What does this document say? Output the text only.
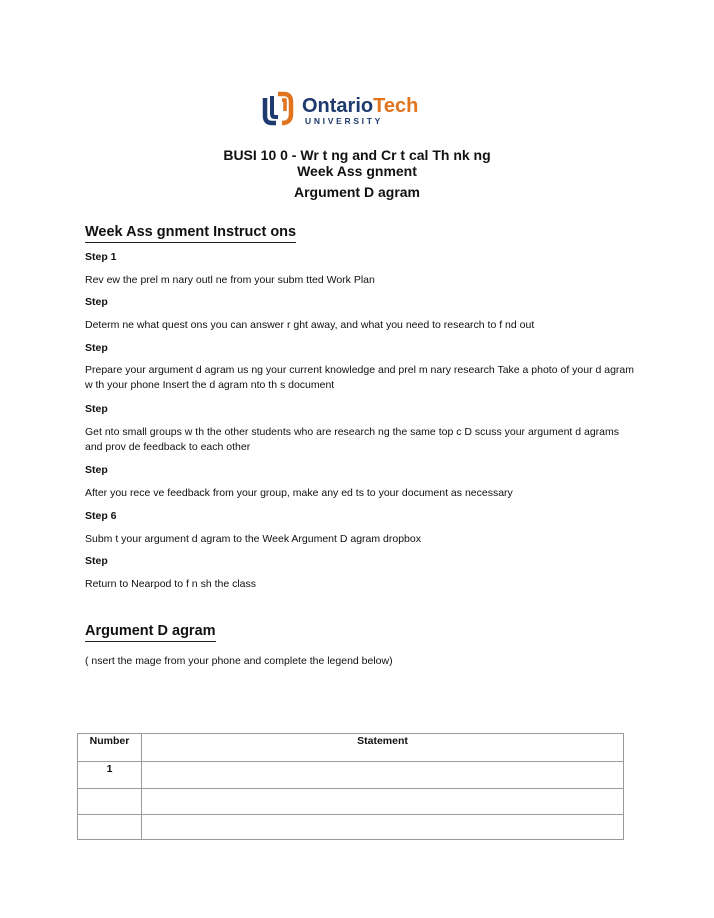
OntarioTech
UNIVERSITY
BUSI 10 0 - Wr t ng and Cr t cal Th nk ng
Week Ass gnment
Argument D agram
Week Ass gnment Instruct ons
Step 1
Rev ew the prel m nary outl ne from your subm tted Work Plan
Step
Determ ne what quest ons you can answer r ght away, and what you need to research to f nd out
Step
Prepare your argument d agram us ng your current knowledge and prel m nary research Take a photo of your d agram w th your phone Insert the d agram nto th s document
Step
Get nto small groups w th the other students who are research ng the same top c D scuss your argument d agrams and prov de feedback to each other
Step
After you rece ve feedback from your group, make any ed ts to your document as necessary
Step 6
Subm t your argument d agram to the Week Argument D agram dropbox
Step
Return to Nearpod to f n sh the class
Argument D agram
( nsert the mage from your phone and complete the legend below)
Number	Statement
1	
